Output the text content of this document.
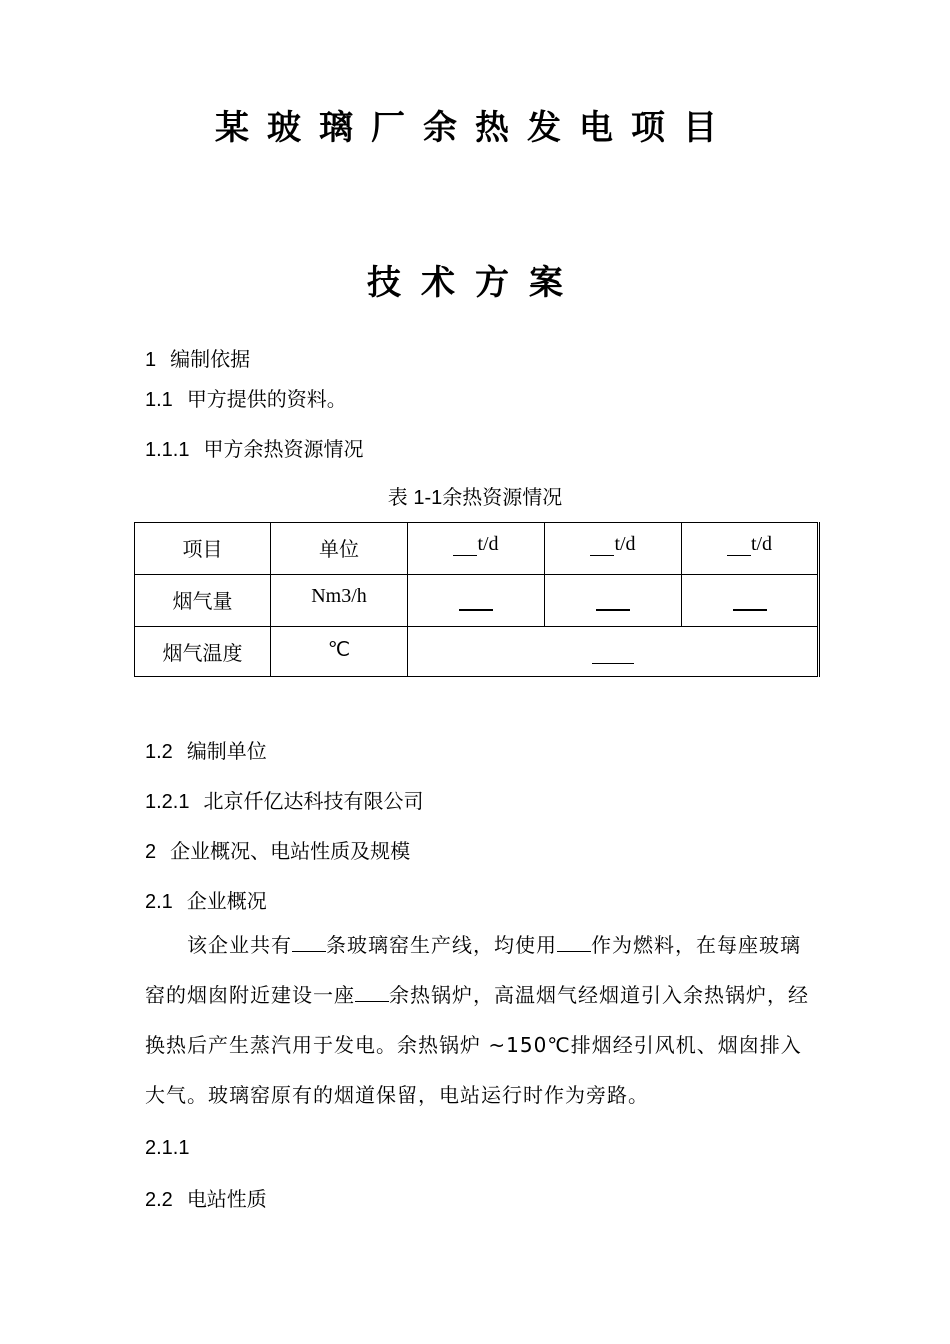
某玻璃厂余热发电项目
技术方案
1 编制依据
1.1 甲方提供的资料。
1.1.1 甲方余热资源情况
表 1-1余热资源情况
项目	单位	t/d	t/d	t/d
烟气量	Nm3/h			
烟气温度	℃			
1.2 编制单位
1.2.1 北京仟亿达科技有限公司
2 企业概况、电站性质及规模
2.1 企业概况
该企业共有 条玻璃窑生产线，均使用 作为燃料，在每座玻璃窑的烟囱附近建设一座 余热锅炉，高温烟气经烟道引入余热锅炉，经换热后产生蒸汽用于发电。余热锅炉 ~150℃排烟经引风机、烟囱排入大气。玻璃窑原有的烟道保留，电站运行时作为旁路。
2.1.1
2.2 电站性质
